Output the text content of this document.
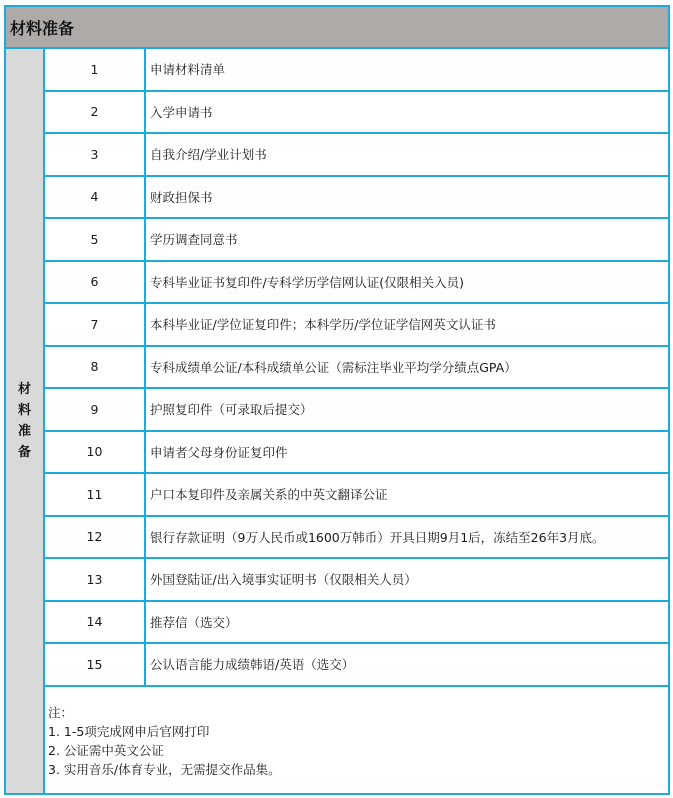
材料准备		

材
料
准
备	1	申请材料清单
	2	入学申请书
	3	自我介绍/学业计划书
	4	财政担保书
	5	学历调查同意书
	6	专科毕业证书复印件/专科学历学信网认证(仅限相关入员)
	7	本科毕业证/学位证复印件；本科学历/学位证学信网英文认证书
	8	专科成绩单公证/本科成绩单公证（需标注毕业平均学分绩点GPA）
	9	护照复印件（可录取后提交）
	10	申请者父母身份证复印件
	11	户口本复印件及亲属关系的中英文翻译公证
	12	银行存款证明（9万人民币或1600万韩币）开具日期9月1后，冻结至26年3月底。
	13	外国登陆证/出入境事实证明书（仅限相关人员）
	14	推荐信（选交）
	15	公认语言能力成绩韩语/英语（选交）

	注：
1. 1-5项完成网申后官网打印
2. 公证需中英文公证
3. 实用音乐/体育专业，无需提交作品集。	
